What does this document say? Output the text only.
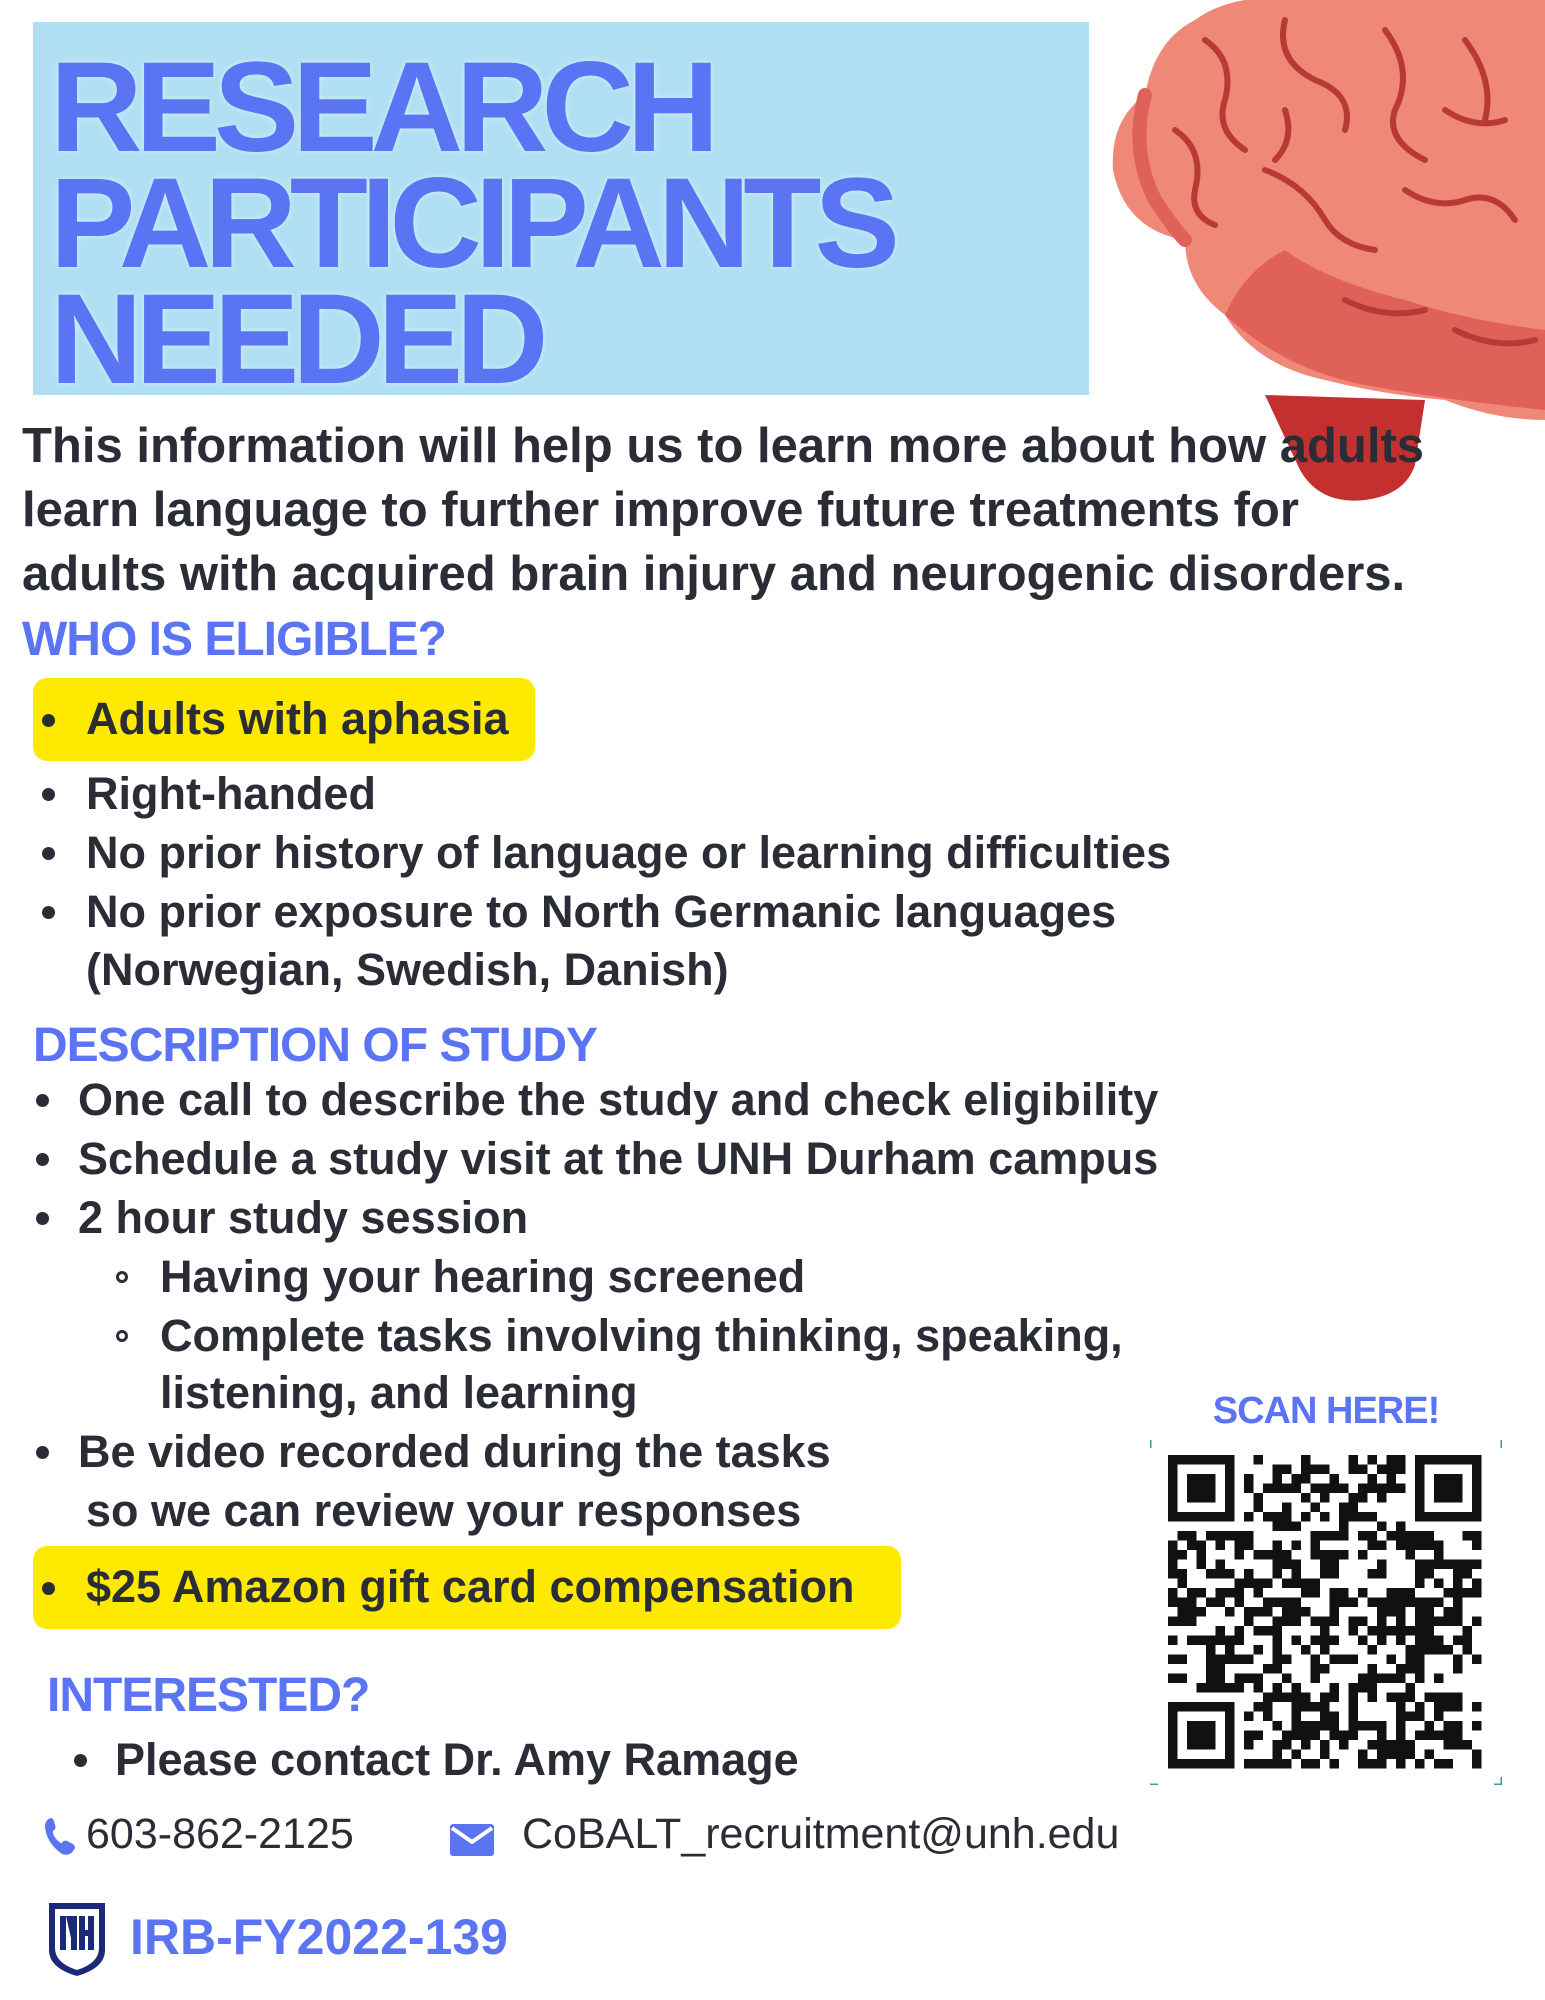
RESEARCH
PARTICIPANTS
NEEDED
This information will help us to learn more about how adults
learn language to further improve future treatments for
adults with acquired brain injury and neurogenic disorders.
WHO IS ELIGIBLE?
Adults with aphasia
Right-handed
No prior history of language or learning difficulties
No prior exposure to North Germanic languages
(Norwegian, Swedish, Danish)
DESCRIPTION OF STUDY
One call to describe the study and check eligibility
Schedule a study visit at the UNH Durham campus
2 hour study session
Having your hearing screened
Complete tasks involving thinking, speaking,
listening, and learning
Be video recorded during the tasks
so we can review your responses
$25 Amazon gift card compensation
INTERESTED?
Please contact Dr. Amy Ramage
603-862-2125	CoBALT_recruitment@unh.edu
SCAN HERE!
IRB-FY2022-139
